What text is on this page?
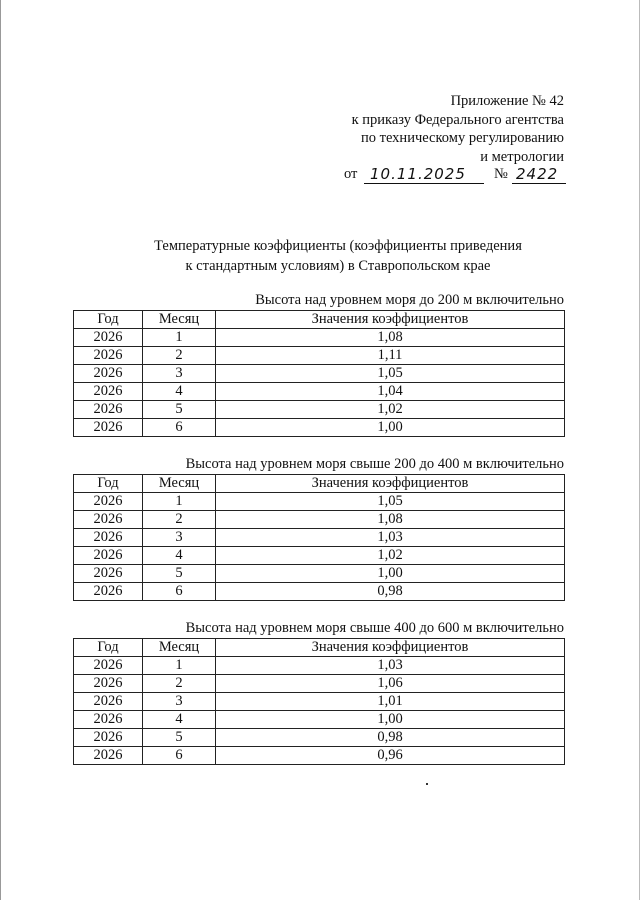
Приложение № 42
к приказу Федерального агентства
по техническому регулированию
и метрологии
от 10.11.2025 № 2422
Температурные коэффициенты (коэффициенты приведения
к стандартным условиям) в Ставропольском крае
Высота над уровнем моря до 200 м включительно
Год	Месяц	Значения коэффициентов
2026	1	1,08
2026	2	1,11
2026	3	1,05
2026	4	1,04
2026	5	1,02
2026	6	1,00
Высота над уровнем моря свыше 200 до 400 м включительно
Год	Месяц	Значения коэффициентов
2026	1	1,05
2026	2	1,08
2026	3	1,03
2026	4	1,02
2026	5	1,00
2026	6	0,98
Высота над уровнем моря свыше 400 до 600 м включительно
Год	Месяц	Значения коэффициентов
2026	1	1,03
2026	2	1,06
2026	3	1,01
2026	4	1,00
2026	5	0,98
2026	6	0,96
